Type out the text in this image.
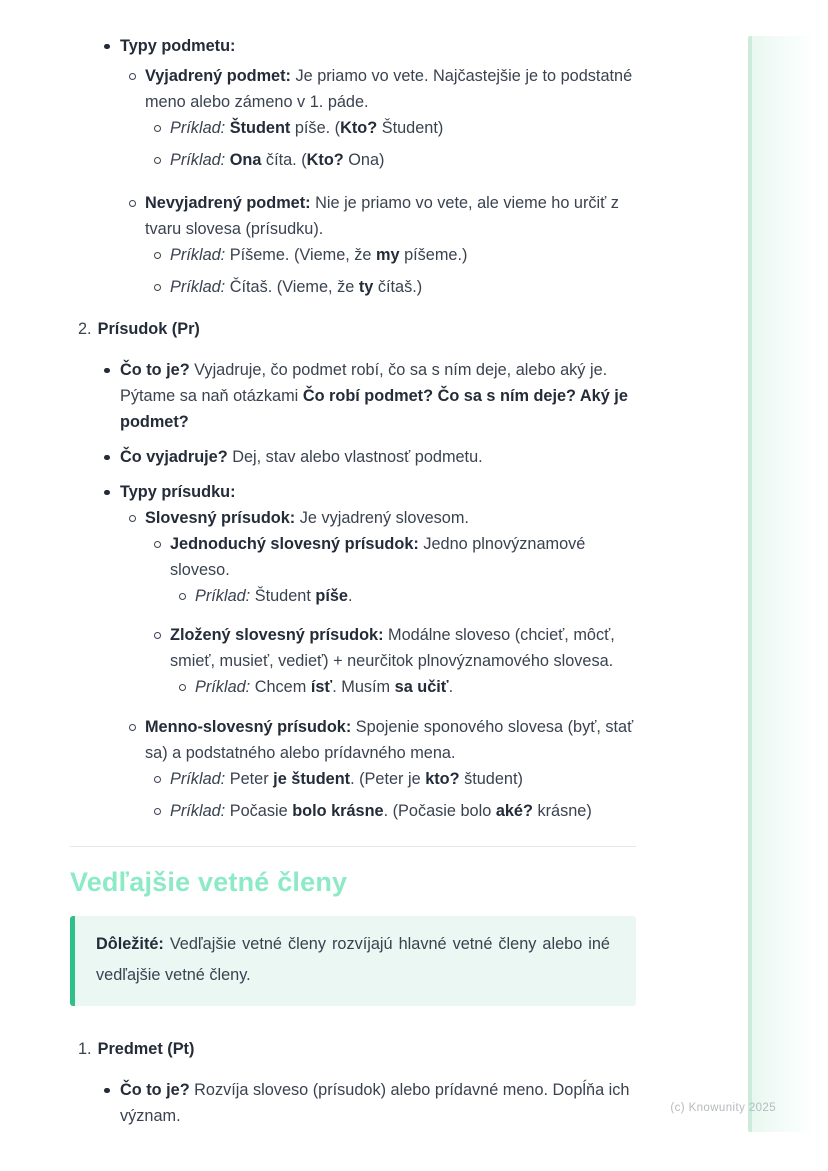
Typy podmetu:
Vyjadrený podmet: Je priamo vo vete. Najčastejšie je to podstatné meno alebo zámeno v 1. páde.
Príklad: Študent píše. (Kto? Študent)
Príklad: Ona číta. (Kto? Ona)
Nevyjadrený podmet: Nie je priamo vo vete, ale vieme ho určiť z tvaru slovesa (prísudku).
Príklad: Píšeme. (Vieme, že my píšeme.)
Príklad: Čítaš. (Vieme, že ty čítaš.)
2. Prísudok (Pr)
Čo to je? Vyjadruje, čo podmet robí, čo sa s ním deje, alebo aký je. Pýtame sa naň otázkami Čo robí podmet? Čo sa s ním deje? Aký je podmet?
Čo vyjadruje? Dej, stav alebo vlastnosť podmetu.
Typy prísudku:
Slovesný prísudok: Je vyjadrený slovesom.
Jednoduchý slovesný prísudok: Jedno plnovýznamové sloveso.
Príklad: Študent píše.
Zložený slovesný prísudok: Modálne sloveso (chcieť, môcť, smieť, musieť, vedieť) + neurčitok plnovýznamového slovesa.
Príklad: Chcem ísť. Musím sa učiť.
Menno-slovesný prísudok: Spojenie sponového slovesa (byť, stať sa) a podstatného alebo prídavného mena.
Príklad: Peter je študent. (Peter je kto? študent)
Príklad: Počasie bolo krásne. (Počasie bolo aké? krásne)
Vedľajšie vetné členy
Dôležité: Vedľajšie vetné členy rozvíjajú hlavné vetné členy alebo iné vedľajšie vetné členy.
1. Predmet (Pt)
Čo to je? Rozvíja sloveso (prísudok) alebo prídavné meno. Dopĺňa ich význam.	(c) Knowunity 2025
